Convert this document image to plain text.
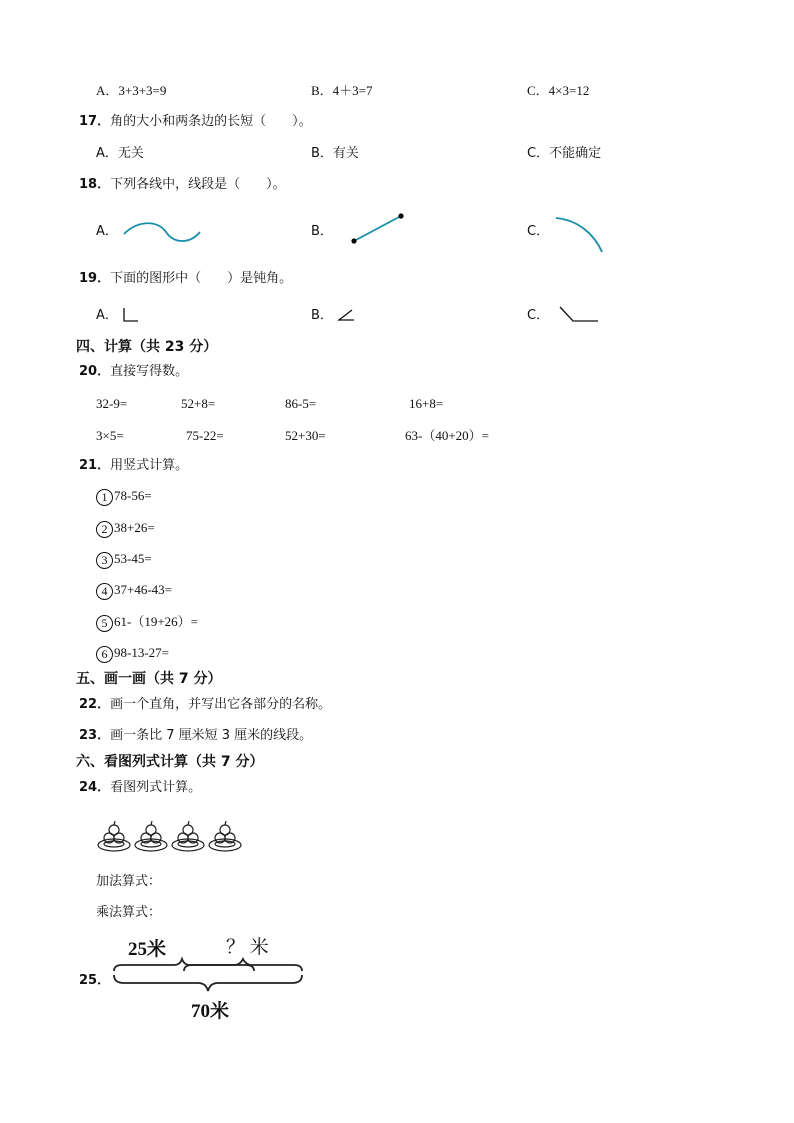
A．3+3+3=9	B．4＋3=7	C．4×3=12
17．角的大小和两条边的长短（　　）。
A．无关	B．有关	C．不能确定
18．下列各线中，线段是（　　）。
A．	B．	C．
19．下面的图形中（　　）是钝角。
A．	B．	C．
四、计算（共 23 分）
20．直接写得数。
32-9=	52+8=	86-5=	16+8=
3×5=	75-22=	52+30=	63-（40+20）=
21．用竖式计算。
1 78-56=
2 38+26=
3 53-45=
4 37+46-43=
5 61-（19+26）=
6 98-13-27=
五、画一画（共 7 分）
22．画一个直角，并写出它各部分的名称。
23．画一条比 7 厘米短 3 厘米的线段。
六、看图列式计算（共 7 分）
24．看图列式计算。
加法算式：
乘法算式：
25．
25米	？ 米
70米
